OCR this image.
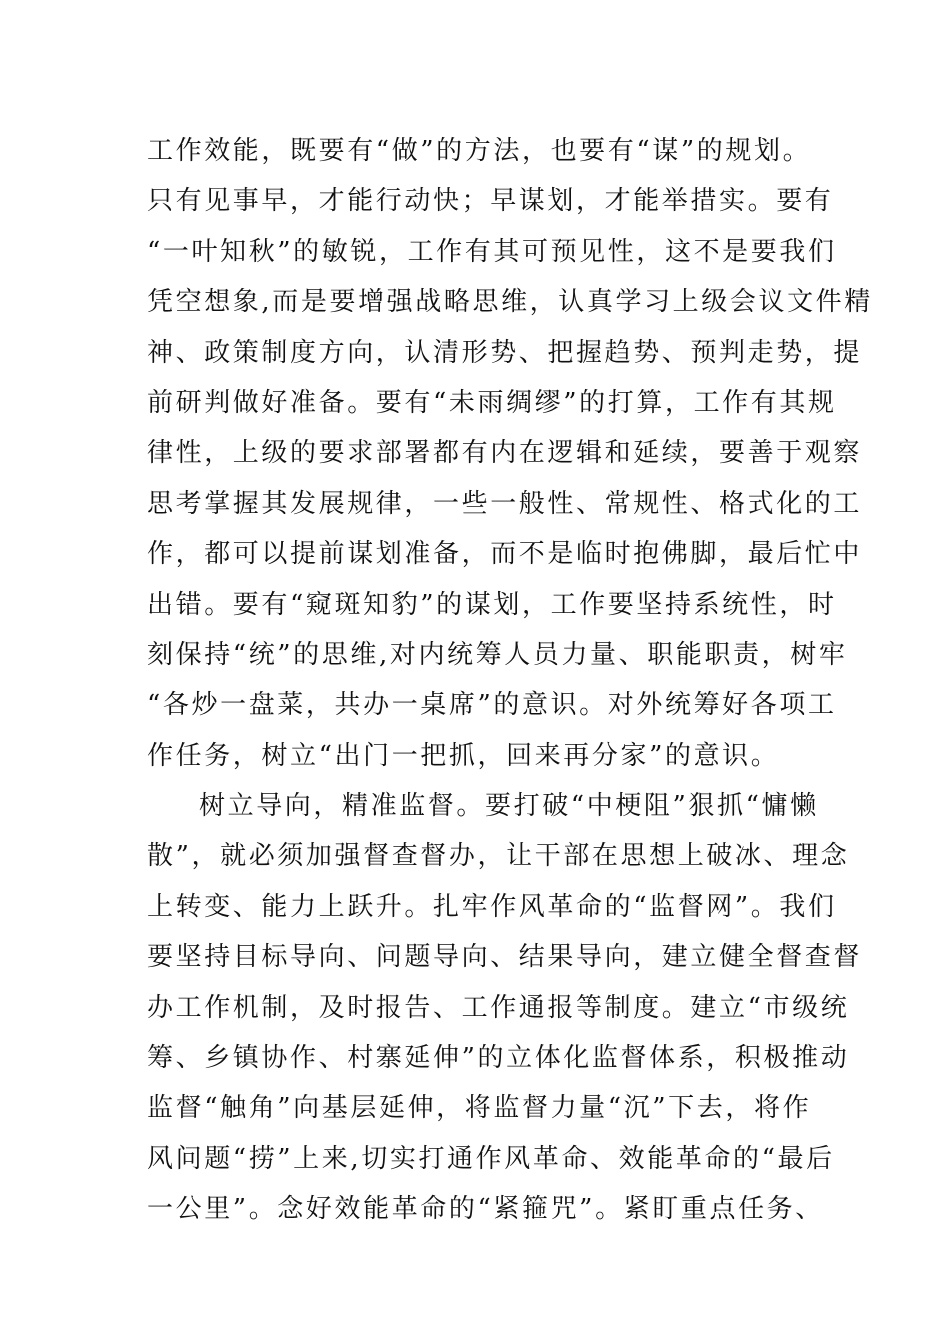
工作效能，既要有“做”的方法，也要有“谋”的规划。
只有见事早，才能行动快；早谋划，才能举措实。要有
“一叶知秋”的敏锐，工作有其可预见性，这不是要我们
凭空想象,而是要增强战略思维，认真学习上级会议文件精
神、政策制度方向，认清形势、把握趋势、预判走势，提
前研判做好准备。要有“未雨绸缪”的打算，工作有其规
律性，上级的要求部署都有内在逻辑和延续，要善于观察
思考掌握其发展规律，一些一般性、常规性、格式化的工
作，都可以提前谋划准备，而不是临时抱佛脚，最后忙中
出错。要有“窥斑知豹”的谋划，工作要坚持系统性，时
刻保持“统”的思维,对内统筹人员力量、职能职责，树牢
“各炒一盘菜，共办一桌席”的意识。对外统筹好各项工
作任务，树立“出门一把抓，回来再分家”的意识。
树立导向，精准监督。要打破“中梗阻”狠抓“慵懒
散”，就必须加强督查督办，让干部在思想上破冰、理念
上转变、能力上跃升。扎牢作风革命的“监督网”。我们
要坚持目标导向、问题导向、结果导向，建立健全督查督
办工作机制，及时报告、工作通报等制度。建立“市级统
筹、乡镇协作、村寨延伸”的立体化监督体系，积极推动
监督“触角”向基层延伸，将监督力量“沉”下去，将作
风问题“捞”上来,切实打通作风革命、效能革命的“最后
一公里”。念好效能革命的“紧箍咒”。紧盯重点任务、
